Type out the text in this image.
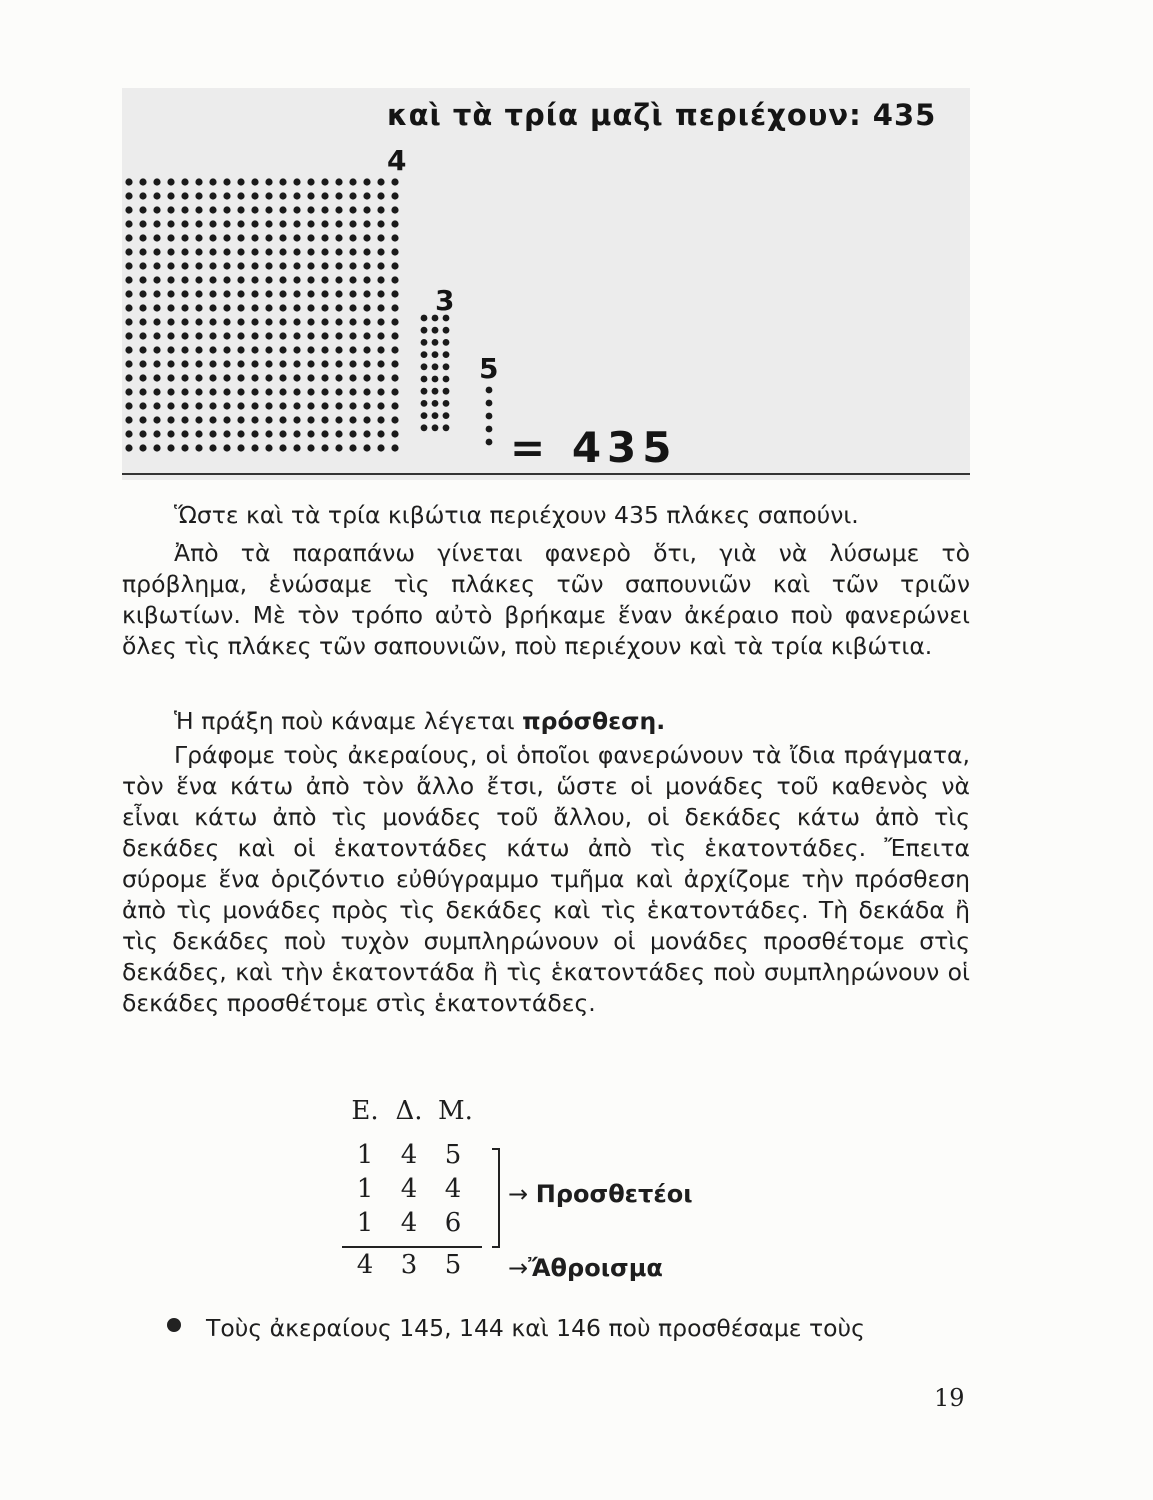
καὶ τὰ τρία μαζὶ περιέχουν: 435
4
3
5
= 435

Ὥστε καὶ τὰ τρία κιβώτια περιέχουν 435 πλάκες σαπούνι.

Ἀπὸ τὰ παραπάνω γίνεται φανερὸ ὅτι, γιὰ νὰ λύσωμε τὸ πρόβλημα, ἑνώσαμε τὶς πλάκες τῶν σαπουνιῶν καὶ τῶν τριῶν κιβωτίων. Μὲ τὸν τρόπο αὐτὸ βρήκαμε ἕναν ἀκέραιο ποὺ φανερώνει ὅλες τὶς πλάκες τῶν σαπουνιῶν, ποὺ περιέχουν καὶ τὰ τρία κιβώτια.

Ἡ πράξη ποὺ κάναμε λέγεται πρόσθεση.

Γράφομε τοὺς ἀκεραίους, οἱ ὁποῖοι φανερώνουν τὰ ἴδια πράγματα, τὸν ἕνα κάτω ἀπὸ τὸν ἄλλο ἔτσι, ὥστε οἱ μονάδες τοῦ καθενὸς νὰ εἶναι κάτω ἀπὸ τὶς μονάδες τοῦ ἄλλου, οἱ δεκάδες κάτω ἀπὸ τὶς δεκάδες καὶ οἱ ἑκατοντάδες κάτω ἀπὸ τὶς ἑκατοντάδες. Ἔπειτα σύρομε ἕνα ὁριζόντιο εὐθύγραμμο τμῆμα καὶ ἀρχίζομε τὴν πρόσθεση ἀπὸ τὶς μονάδες πρὸς τὶς δεκάδες καὶ τὶς ἑκατοντάδες. Τὴ δεκάδα ἢ τὶς δεκάδες ποὺ τυχὸν συμπληρώνουν οἱ μονάδες προσθέτομε στὶς δεκάδες, καὶ τὴν ἑκατοντάδα ἢ τὶς ἑκατοντάδες ποὺ συμπληρώνουν οἱ δεκάδες προσθέτομε στὶς ἑκατοντάδες.

Ε. Δ. Μ.
1 4 5
1 4 4
1 4 6
4 3 5
→ Προσθετέοι
→Ἄθροισμα
Τοὺς ἀκεραίους 145, 144 καὶ 146 ποὺ προσθέσαμε τοὺς
19
